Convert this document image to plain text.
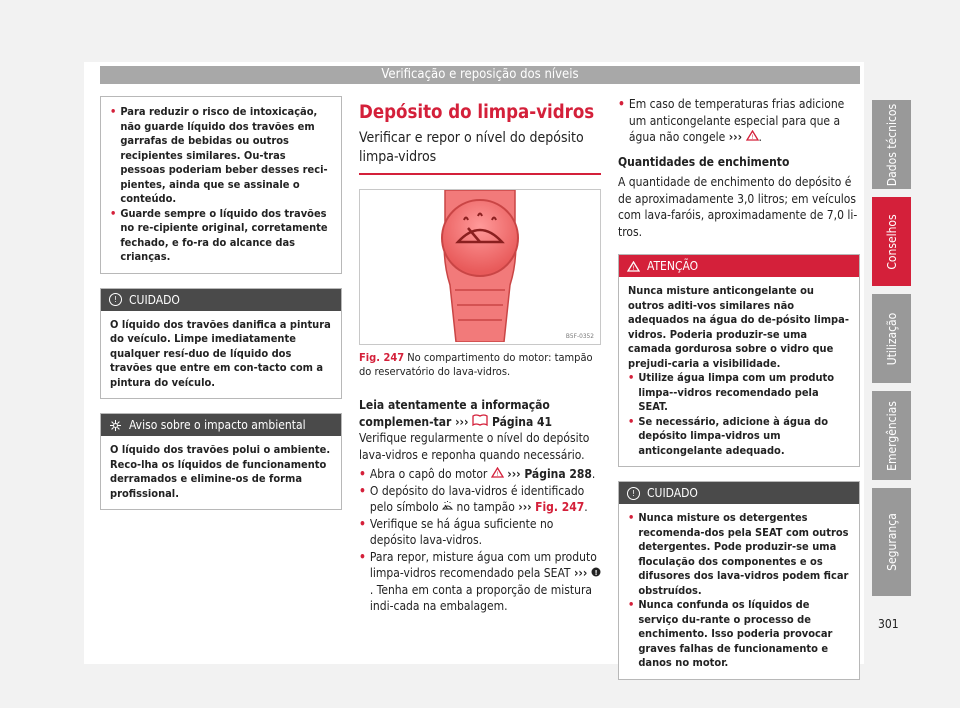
Verificação e reposição dos níveis
• Para reduzir o risco de intoxicação, não guarde líquido dos travões em garrafas de bebidas ou outros recipientes similares. Ou-tras pessoas poderiam beber desses reci-pientes, ainda que se assinale o conteúdo.
• Guarde sempre o líquido dos travões no re-cipiente original, corretamente fechado, e fo-ra do alcance das crianças.
!	CUIDADO
O líquido dos travões danifica a pintura do veículo. Limpe imediatamente qualquer resí-duo de líquido dos travões que entre em con-tacto com a pintura do veículo.
Aviso sobre o impacto ambiental
O líquido dos travões polui o ambiente. Reco-lha os líquidos de funcionamento derramados e elimine-os de forma profissional.
Depósito do limpa-vidros
Verificar e repor o nível do depósito limpa-vidros
B5F-0352
Fig. 247 No compartimento do motor: tampão do reservatório do lava-vidros.
Leia atentamente a informação complemen-tar ››› Página 41
Verifique regularmente o nível do depósito lava-vidros e reponha quando necessário.
• Abra o capô do motor ! ››› Página 288.
• O depósito do lava-vidros é identificado pelo símbolo no tampão ››› Fig. 247.
• Verifique se há água suficiente no depósito lava-vidros.
• Para repor, misture água com um produto limpa-vidros recomendado pela SEAT ››› !
. Tenha em conta a proporção de mistura indi-cada na embalagem.
• Em caso de temperaturas frias adicione um anticongelante especial para que a água não congele ››› ! .
Quantidades de enchimento
A quantidade de enchimento do depósito é de aproximadamente 3,0 litros; em veículos com lava-faróis, aproximadamente de 7,0 li-tros.
! ATENÇÃO
Nunca misture anticongelante ou outros aditi-vos similares não adequados na água do de-pósito limpa-vidros. Poderia produzir-se uma camada gordurosa sobre o vidro que prejudi-caria a visibilidade.
• Utilize água limpa com um produto limpa--vidros recomendado pela SEAT.
• Se necessário, adicione à água do depósito limpa-vidros um anticongelante adequado.
!	CUIDADO
• Nunca misture os detergentes recomenda-dos pela SEAT com outros detergentes. Pode produzir-se uma floculação dos componentes e os difusores dos lava-vidros podem ficar obstruídos.
• Nunca confunda os líquidos de serviço du-rante o processo de enchimento. Isso poderia provocar graves falhas de funcionamento e danos no motor.
Dados técnicos
Conselhos
Utilização
Emergências
Segurança
301
